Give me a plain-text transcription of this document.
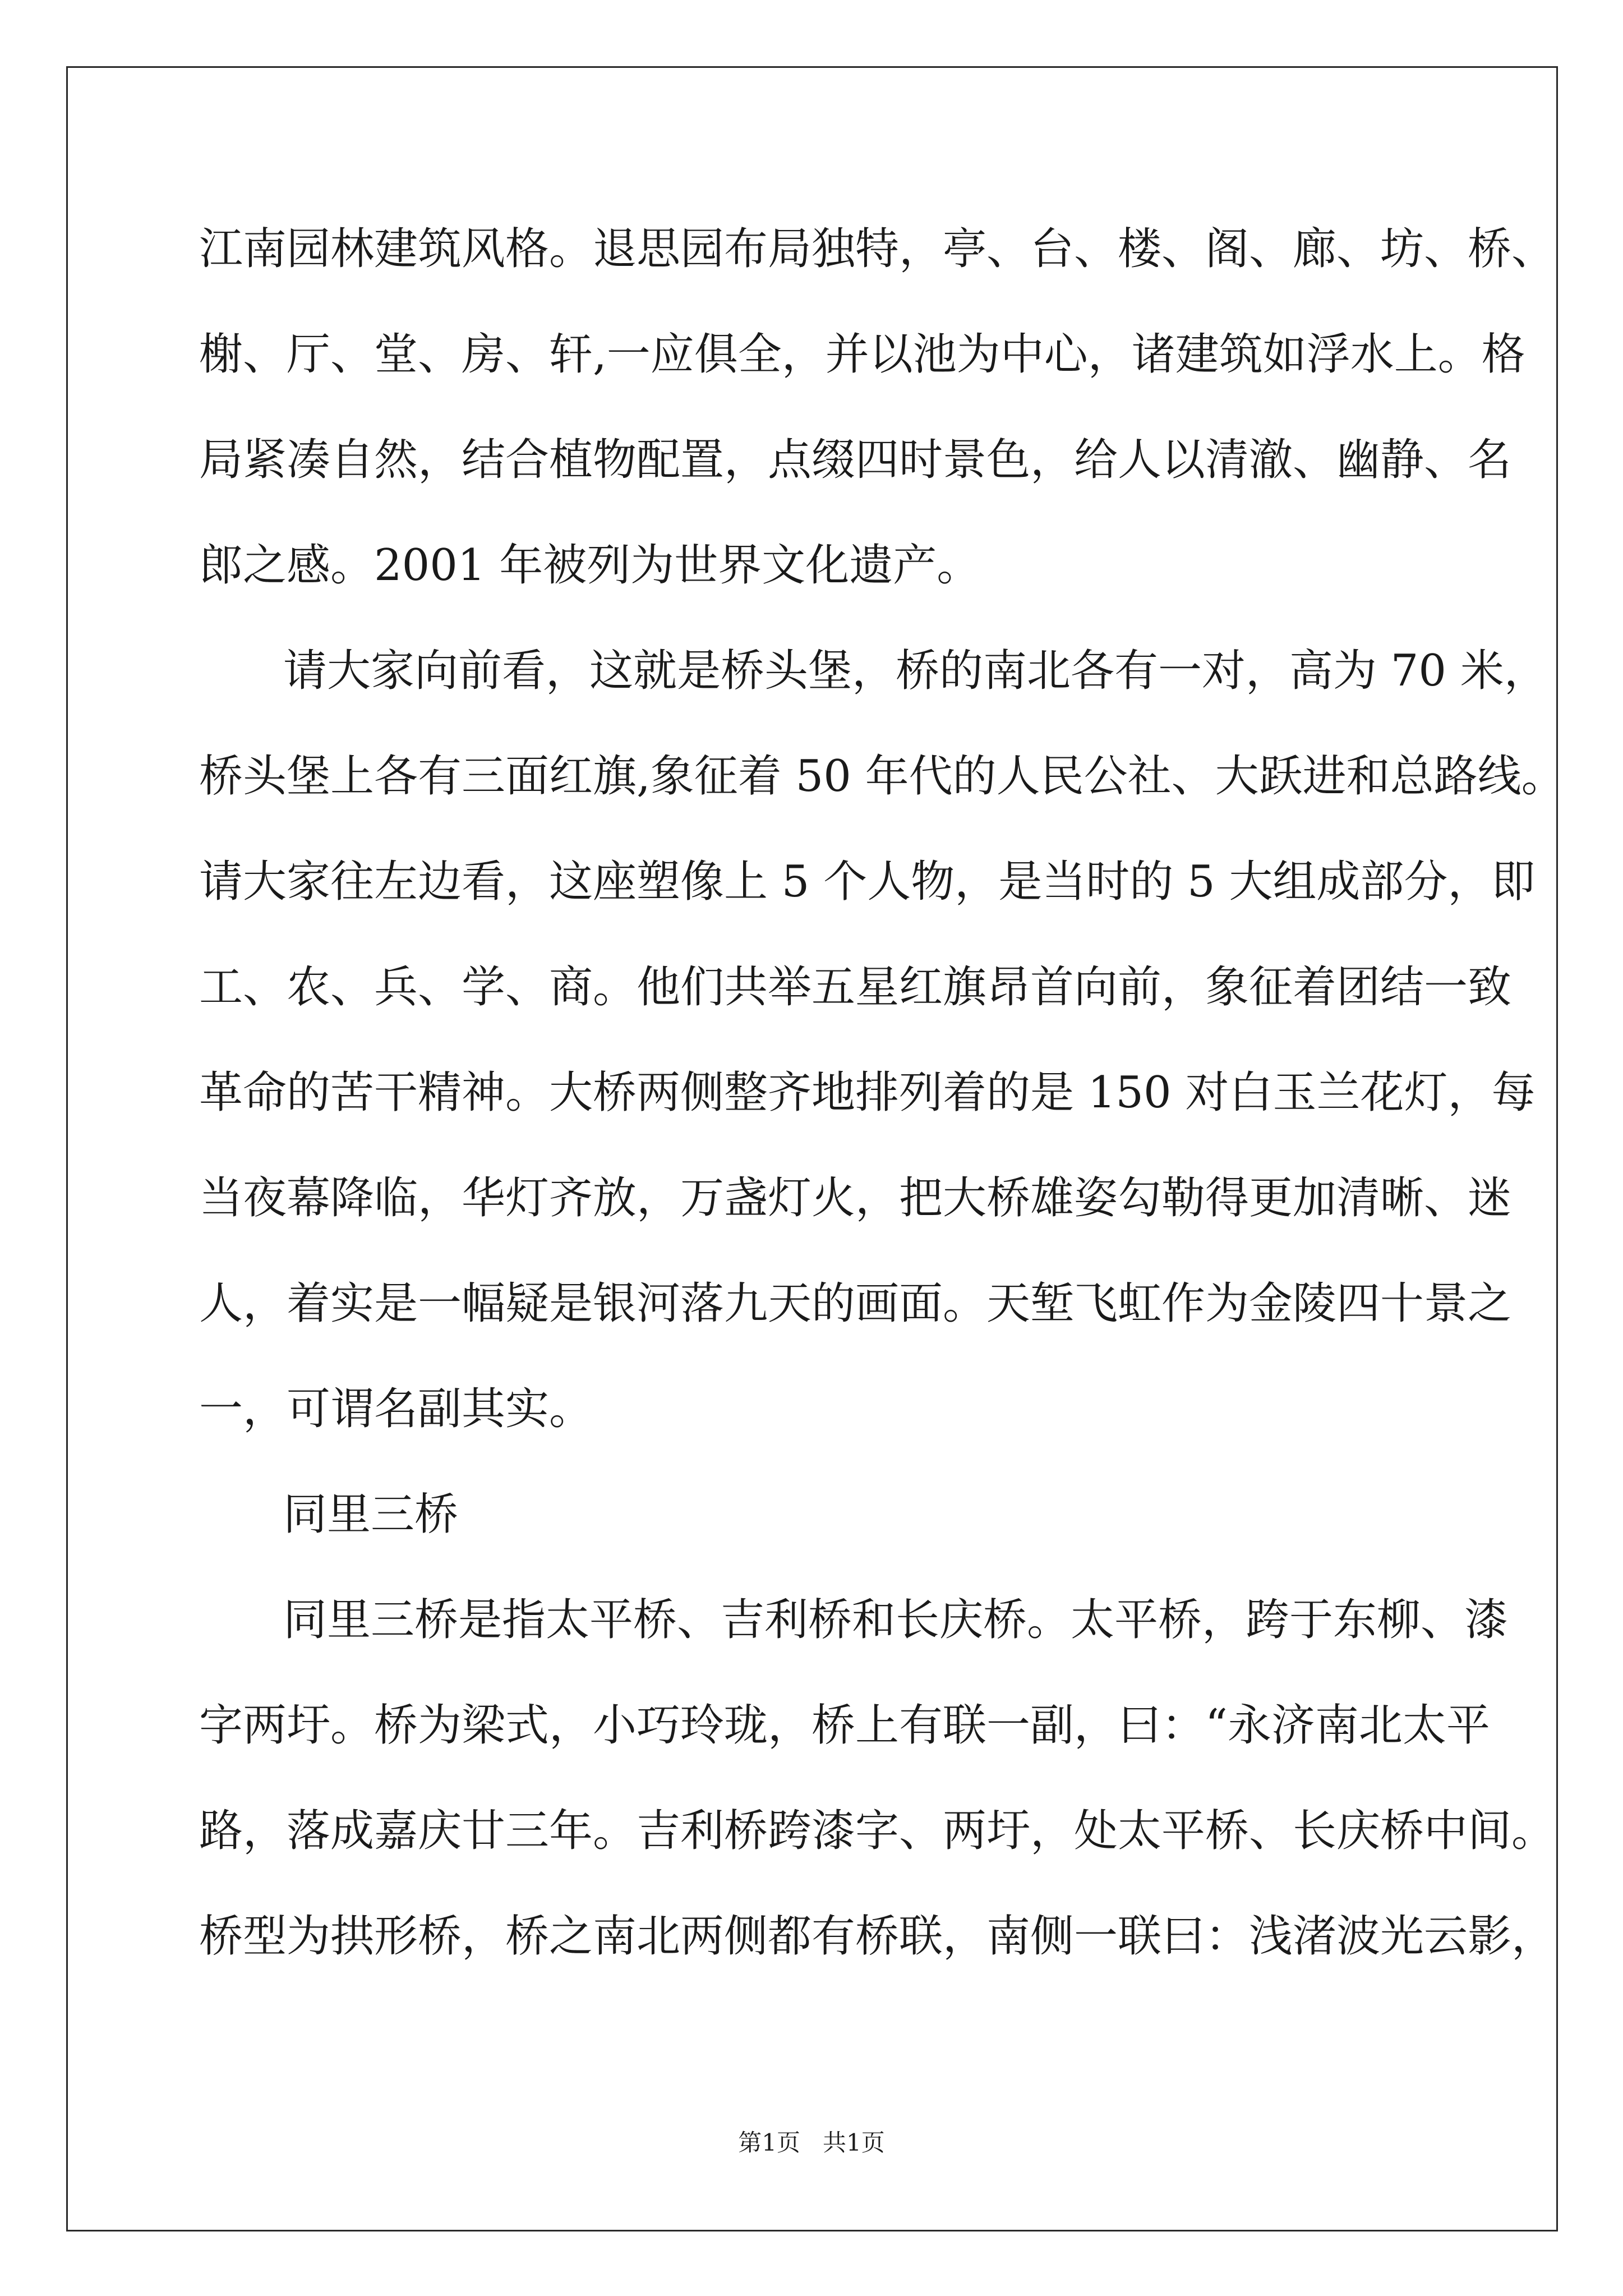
江南园林建筑风格。退思园布局独特，亭、台、楼、阁、廊、坊、桥、
榭、厅、堂、房、轩,一应俱全，并以池为中心，诸建筑如浮水上。格
局紧凑自然，结合植物配置，点缀四时景色，给人以清澈、幽静、名
郎之感。2001 年被列为世界文化遗产。
请大家向前看，这就是桥头堡，桥的南北各有一对，高为 70 米，
桥头堡上各有三面红旗,象征着 50 年代的人民公社、大跃进和总路线。
请大家往左边看，这座塑像上 5 个人物，是当时的 5 大组成部分，即
工、农、兵、学、商。他们共举五星红旗昂首向前，象征着团结一致
革命的苦干精神。大桥两侧整齐地排列着的是 150 对白玉兰花灯，每
当夜幕降临，华灯齐放，万盏灯火，把大桥雄姿勾勒得更加清晰、迷
人，着实是一幅疑是银河落九天的画面。天堑飞虹作为金陵四十景之
一，可谓名副其实。
同里三桥
同里三桥是指太平桥、吉利桥和长庆桥。太平桥，跨于东柳、漆
字两圩。桥为梁式，小巧玲珑，桥上有联一副，曰：“永济南北太平
路，落成嘉庆廿三年。吉利桥跨漆字、两圩，处太平桥、长庆桥中间。
桥型为拱形桥，桥之南北两侧都有桥联，南侧一联曰：浅渚波光云影，
第1页 共1页
